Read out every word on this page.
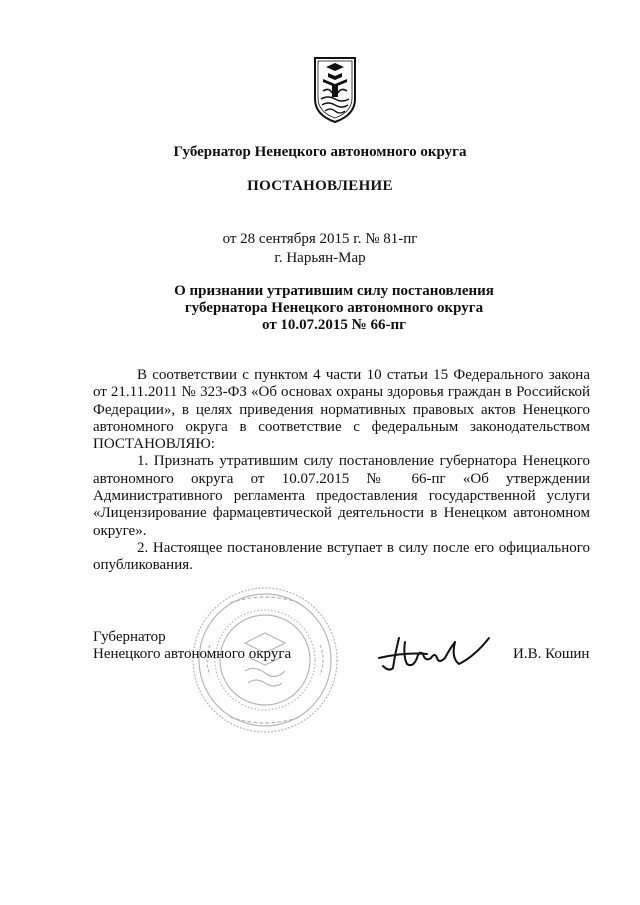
Губернатор Ненецкого автономного округа
ПОСТАНОВЛЕНИЕ
от 28 сентября 2015 г. № 81-пг
г. Нарьян-Мар
О признании утратившим силу постановления
губернатора Ненецкого автономного округа
от 10.07.2015 № 66-пг

В соответствии с пунктом 4 части 10 статьи 15 Федерального закона от 21.11.2011 № 323-ФЗ «Об основах охраны здоровья граждан в Российской Федерации», в целях приведения нормативных правовых актов Ненецкого автономного округа в соответствие с федеральным законодательством ПОСТАНОВЛЯЮ:

1. Признать утратившим силу постановление губернатора Ненецкого автономного округа от 10.07.2015 № 66-пг «Об утверждении Административного регламента предоставления государственной услуги «Лицензирование фармацевтической деятельности в Ненецком автономном округе».

2. Настоящее постановление вступает в силу после его официального опубликования.

Губернатор
Ненецкого автономного округа	И.В. Кошин
